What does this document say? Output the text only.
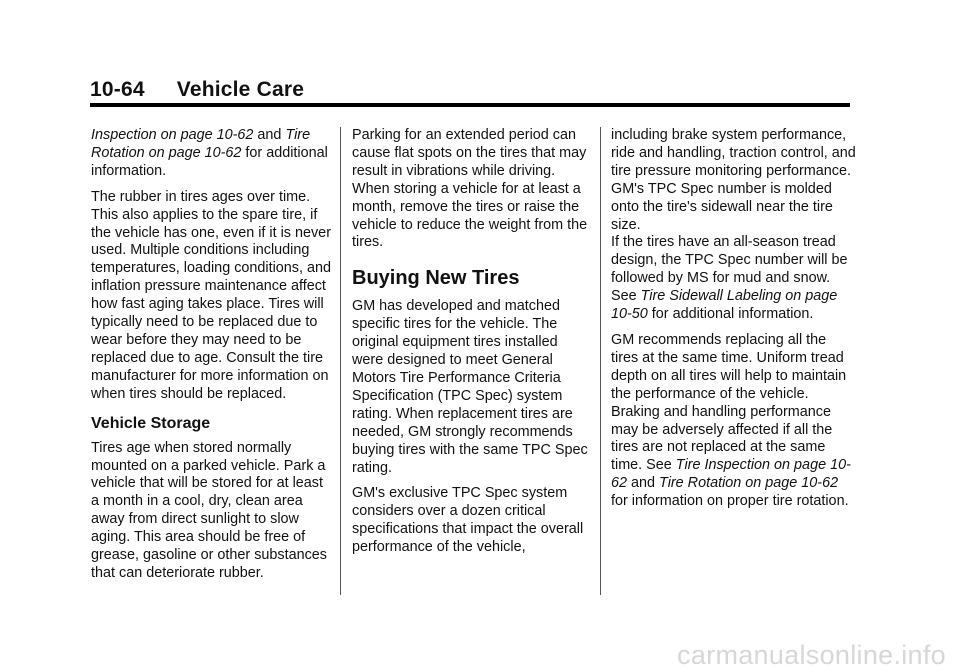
10-64 Vehicle Care

Inspection on page 10-62 and Tire Rotation on page 10-62 for additional information.

The rubber in tires ages over time. This also applies to the spare tire, if the vehicle has one, even if it is never used. Multiple conditions including temperatures, loading conditions, and inflation pressure maintenance affect how fast aging takes place. Tires will typically need to be replaced due to wear before they may need to be replaced due to age. Consult the tire manufacturer for more information on when tires should be replaced.

Vehicle Storage

Tires age when stored normally mounted on a parked vehicle. Park a vehicle that will be stored for at least a month in a cool, dry, clean area away from direct sunlight to slow aging. This area should be free of grease, gasoline or other substances that can deteriorate rubber.

Parking for an extended period can cause flat spots on the tires that may result in vibrations while driving. When storing a vehicle for at least a month, remove the tires or raise the vehicle to reduce the weight from the tires.

Buying New Tires

GM has developed and matched specific tires for the vehicle. The original equipment tires installed were designed to meet General Motors Tire Performance Criteria Specification (TPC Spec) system rating. When replacement tires are needed, GM strongly recommends buying tires with the same TPC Spec rating.

GM's exclusive TPC Spec system considers over a dozen critical specifications that impact the overall performance of the vehicle,

including brake system performance, ride and handling, traction control, and tire pressure monitoring performance. GM's TPC Spec number is molded onto the tire's sidewall near the tire size.

If the tires have an all-season tread design, the TPC Spec number will be followed by MS for mud and snow. See Tire Sidewall Labeling on page 10-50 for additional information.

GM recommends replacing all the tires at the same time. Uniform tread depth on all tires will help to maintain the performance of the vehicle. Braking and handling performance may be adversely affected if all the tires are not replaced at the same time. See Tire Inspection on page 10-62 and Tire Rotation on page 10-62 for information on proper tire rotation.

carmanualsonline.info
